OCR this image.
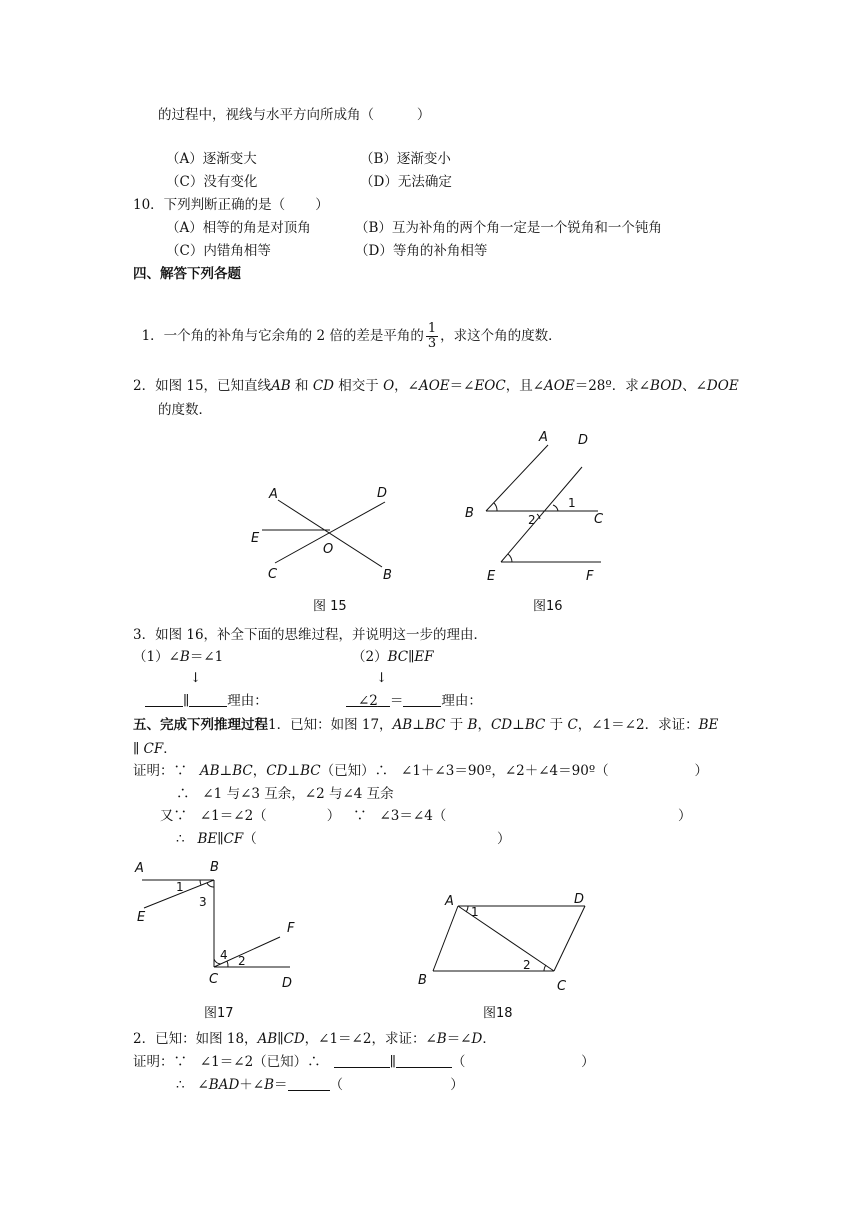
的过程中，视线与水平方向所成角（          ）
（A）逐渐变大	（B）逐渐变小
（C）没有变化	（D）无法确定
10．下列判断正确的是（       ）
（A）相等的角是对顶角	（B）互为补角的两个角一定是一个锐角和一个钝角
（C）内错角相等	（D）等角的补角相等
四、解答下列各题

1．一个角的补角与它余角的 2 倍的差是平角的 $\frac{1}{3}$ ，求这个角的度数．

2．如图 15，已知直线AB 和 CD 相交于 O，∠AOE＝∠EOC，且∠AOE＝28º．求∠BOD、∠DOE
的度数．
A	D
E
O
C	B
图 15
A D
B	C
E	F
1
2
图16
3．如图 16，补全下面的思维过程，并说明这一步的理由．
（1）∠B＝∠1	（2）BC∥EF
↓	↓
∥	理由：	∠2 ＝	理由：
五、完成下列推理过程1．已知：如图 17，AB⊥BC 于 B，CD⊥BC 于 C，∠1＝∠2．求证：BE
∥ CF．
证明：∵ AB⊥BC，CD⊥BC（已知）∴   ∠1＋∠3＝90º，∠2＋∠4＝90º（                    ）
∴   ∠1 与∠3 互余，∠2 与∠4 互余
又∵   ∠1＝∠2（              ）   ∵   ∠3＝∠4（                                                      ）
∴   BE∥CF（                                                        ）
A	B
E
F
C	D
1
3
4 2
图17
A	D
B	C
1
2
图18
2．已知：如图 18，AB∥CD，∠1＝∠2，求证：∠B＝∠D．
证明：∵ ∠1＝∠2（已知）∴	∥	（                           ）
∴   ∠BAD＋∠B＝	（                         ）
